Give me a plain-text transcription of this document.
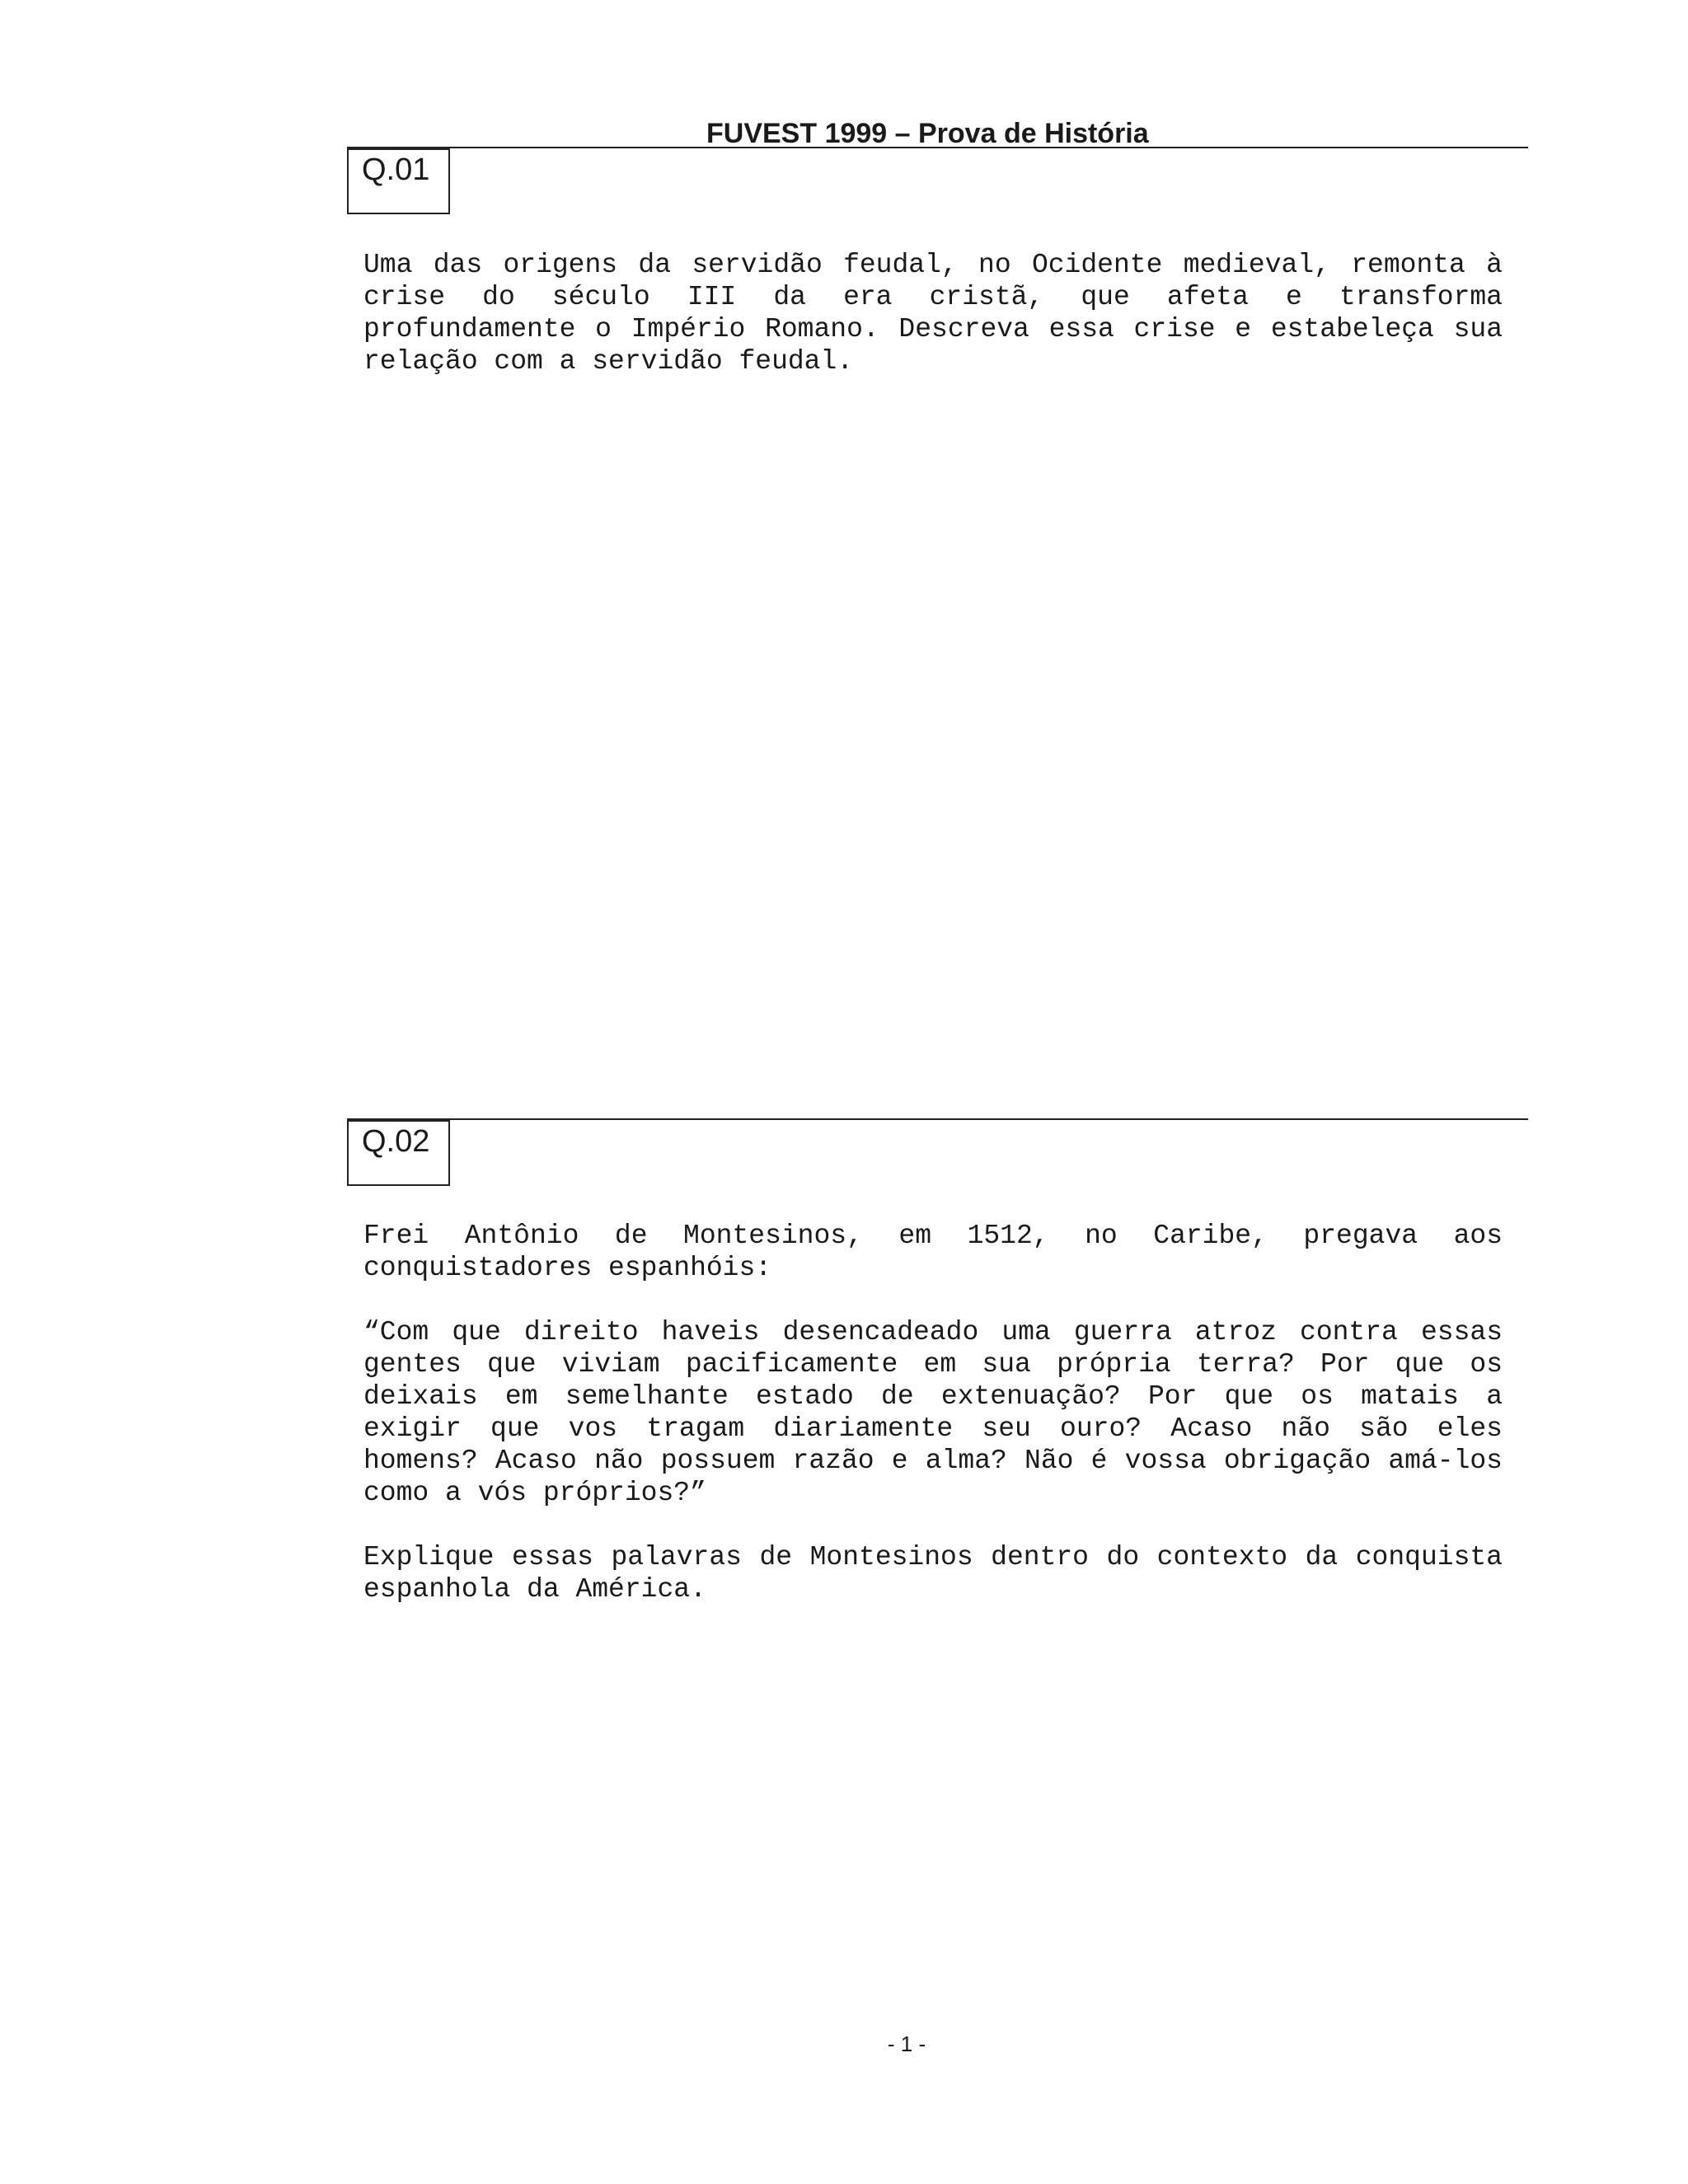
FUVEST 1999 – Prova de História
Q.01

Uma das origens da servidão feudal, no Ocidente medieval, remonta à crise do século III da era cristã, que afeta e transforma profundamente o Império Romano. Descreva essa crise e estabeleça sua relação com a servidão feudal.

Q.02

Frei Antônio de Montesinos, em 1512, no Caribe, pregava aos conquistadores espanhóis:

“Com que direito haveis desencadeado uma guerra atroz contra essas gentes que viviam pacificamente em sua própria terra? Por que os deixais em semelhante estado de extenuação? Por que os matais a exigir que vos tragam diariamente seu ouro? Acaso não são eles homens? Acaso não possuem razão e alma? Não é vossa obrigação amá-los como a vós próprios?”

Explique essas palavras de Montesinos dentro do contexto da conquista espanhola da América.

- 1 -
